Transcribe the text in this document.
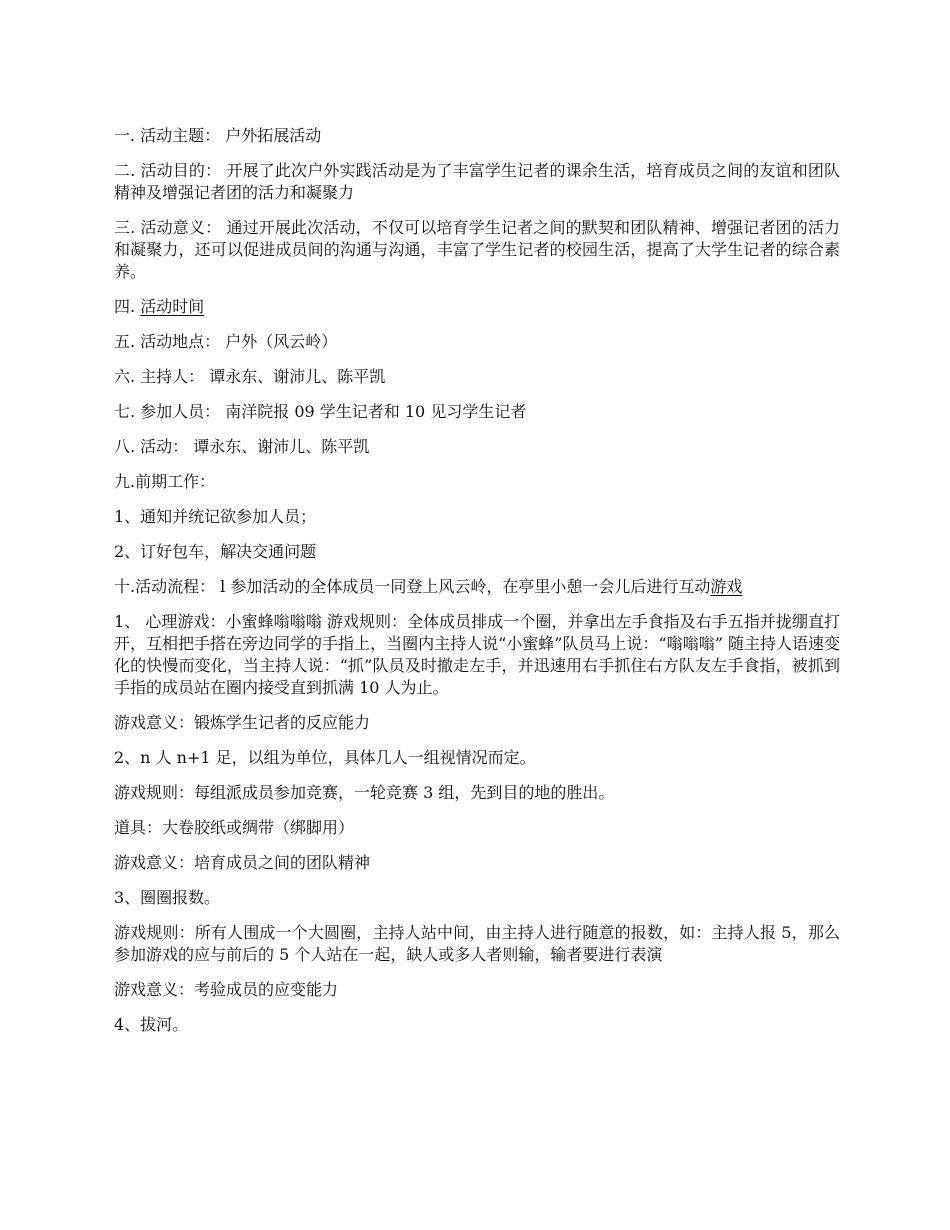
一. 活动主题： 户外拓展活动

二. 活动目的： 开展了此次户外实践活动是为了丰富学生记者的课余生活，培育成员之间的友谊和团队精神及增强记者团的活力和凝聚力

三. 活动意义： 通过开展此次活动，不仅可以培育学生记者之间的默契和团队精神、增强记者团的活力和凝聚力，还可以促进成员间的沟通与沟通，丰富了学生记者的校园生活，提高了大学生记者的综合素养。

四. 活动时间

五. 活动地点： 户外（风云岭）

六. 主持人： 谭永东、谢沛儿、陈平凯

七. 参加人员： 南洋院报 09 学生记者和 10 见习学生记者

八. 活动： 谭永东、谢沛儿、陈平凯

九.前期工作：

1、通知并统记欲参加人员；

2、订好包车，解决交通问题

十.活动流程： l 参加活动的全体成员一同登上风云岭，在亭里小憩一会儿后进行互动游戏

1、 心理游戏：小蜜蜂嗡嗡嗡 游戏规则：全体成员排成一个圈，并拿出左手食指及右手五指并拢绷直打开，互相把手搭在旁边同学的手指上，当圈内主持人说“小蜜蜂”队员马上说：“嗡嗡嗡” 随主持人语速变化的快慢而变化，当主持人说：“抓”队员及时撤走左手，并迅速用右手抓住右方队友左手食指，被抓到手指的成员站在圈内接受直到抓满 10 人为止。

游戏意义：锻炼学生记者的反应能力

2、n 人 n+1 足，以组为单位，具体几人一组视情况而定。

游戏规则：每组派成员参加竞赛，一轮竞赛 3 组，先到目的地的胜出。

道具：大卷胶纸或绸带（绑脚用）

游戏意义：培育成员之间的团队精神

3、圈圈报数。

游戏规则：所有人围成一个大圆圈，主持人站中间，由主持人进行随意的报数，如：主持人报 5，那么参加游戏的应与前后的 5 个人站在一起，缺人或多人者则输，输者要进行表演

游戏意义：考验成员的应变能力

4、拔河。
